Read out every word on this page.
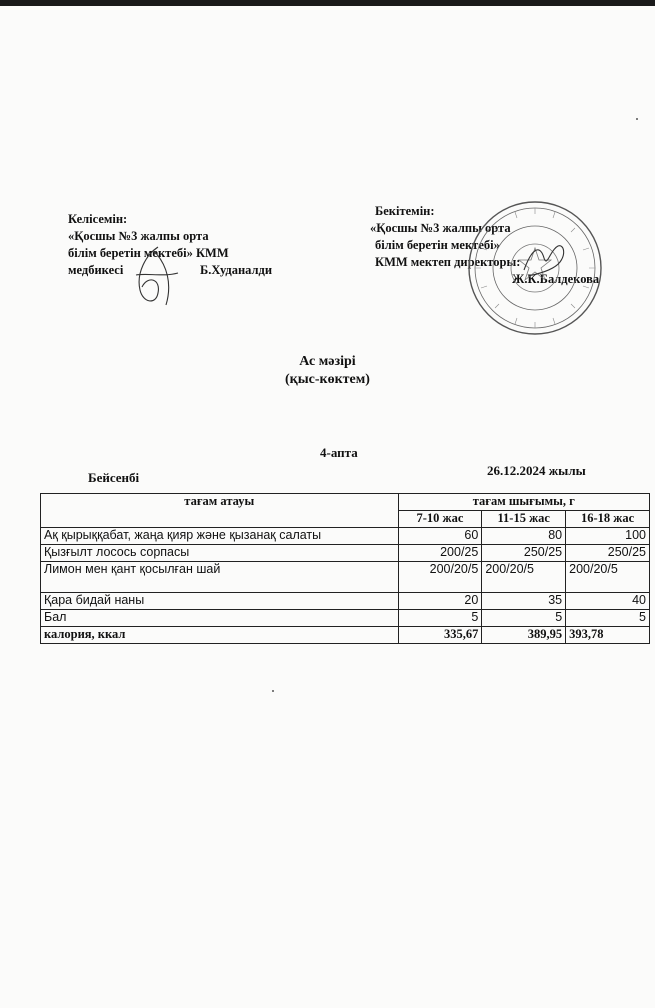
Келісемін:
«Қосшы №3 жалпы орта
білім беретін мектебі» КММ
медбикесі	Б.Худаналди
Бекітемін:
«Қосшы №3 жалпы орта
білім беретін мектебі»
КММ мектеп директоры:
Ж.К.Балдекова
Ас мәзірі
(қыс-көктем)
4-апта
Бейсенбі	26.12.2024 жылы
тағам атауы	тағам шығымы, г		
	7-10 жас	11-15 жас	16-18 жас
Ақ қырыққабат, жаңа қияр және қызанақ салаты	60	80	100
Қызғылт лосось сорпасы	200/25	250/25	250/25
Лимон мен қант қосылған шай	200/20/5	200/20/5	200/20/5
Қара бидай наны	20	35	40
Бал	5	5	5
калория, ккал	335,67	389,95	393,78
